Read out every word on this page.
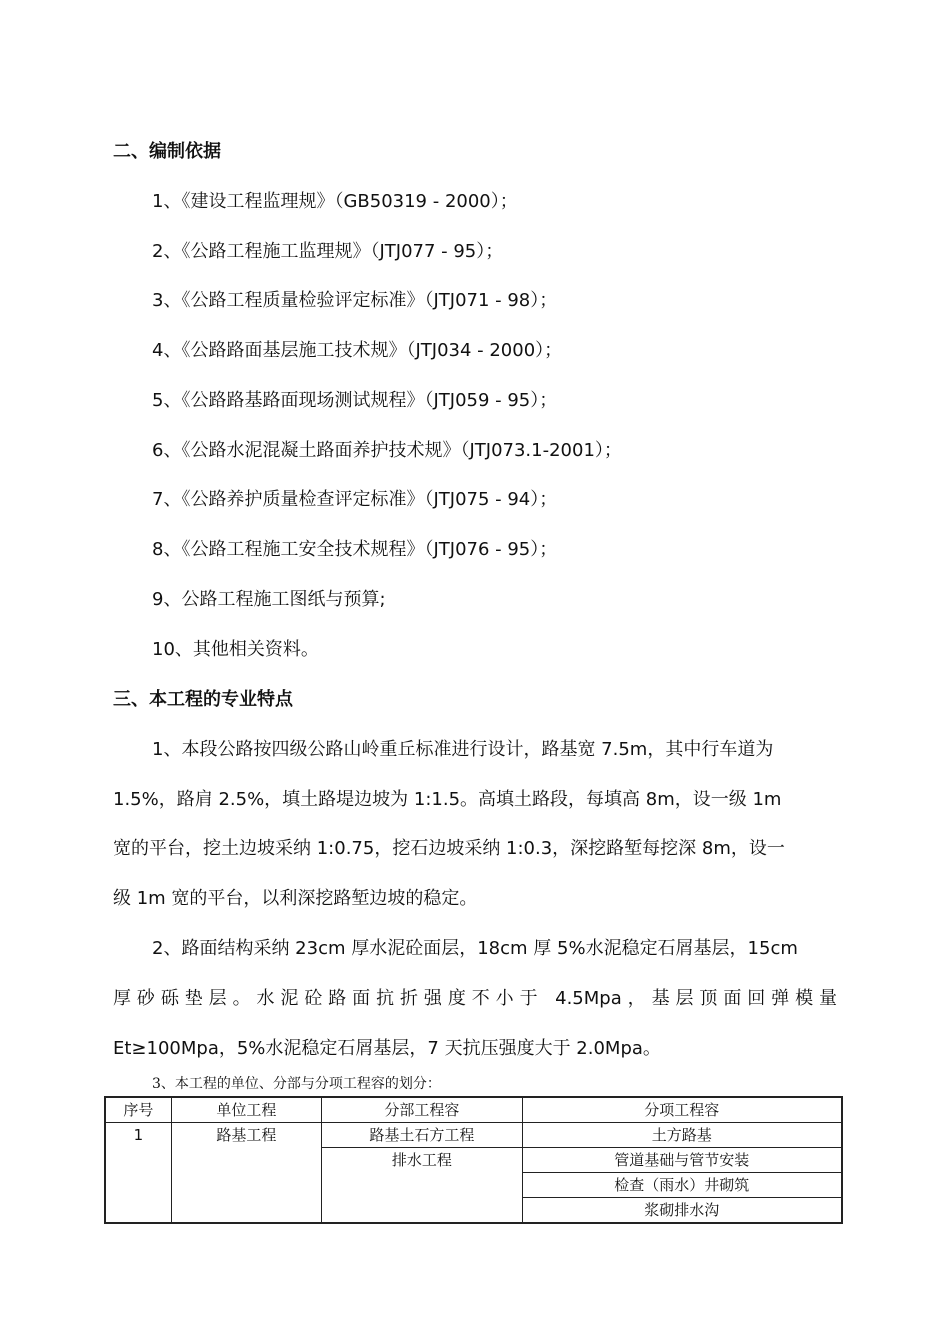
二、编制依据
1、《建设工程监理规》（GB50319 - 2000）；
2、《公路工程施工监理规》（JTJ077 - 95）；
3、《公路工程质量检验评定标准》（JTJ071 - 98）；
4、《公路路面基层施工技术规》（JTJ034 - 2000）；
5、《公路路基路面现场测试规程》（JTJ059 - 95）；
6、《公路水泥混凝土路面养护技术规》（JTJ073.1-2001）；
7、《公路养护质量检查评定标准》（JTJ075 - 94）；
8、《公路工程施工安全技术规程》（JTJ076 - 95）；
9、公路工程施工图纸与预算;
10、其他相关资料。
三、本工程的专业特点
1、本段公路按四级公路山岭重丘标准进行设计，路基宽 7.5m，其中行车道为
1.5%，路肩 2.5%，填土路堤边坡为 1:1.5。高填土路段，每填高 8m，设一级 1m
宽的平台，挖土边坡采纳 1:0.75，挖石边坡采纳 1:0.3，深挖路堑每挖深 8m，设一
级 1m 宽的平台，以利深挖路堑边坡的稳定。
2、路面结构采纳 23cm 厚水泥砼面层，18cm 厚 5%水泥稳定石屑基层，15cm
厚砂砾垫层。水泥砼路面抗折强度不小于 4.5Mpa，基层顶面回弹模量
Et≥100Mpa，5%水泥稳定石屑基层，7 天抗压强度大于 2.0Mpa。
3、本工程的单位、分部与分项工程容的划分：
序号	单位工程	分部工程容	分项工程容
1	路基工程	路基土石方工程	土方路基
		排水工程	管道基础与管节安装
			检查（雨水）井砌筑
			浆砌排水沟
